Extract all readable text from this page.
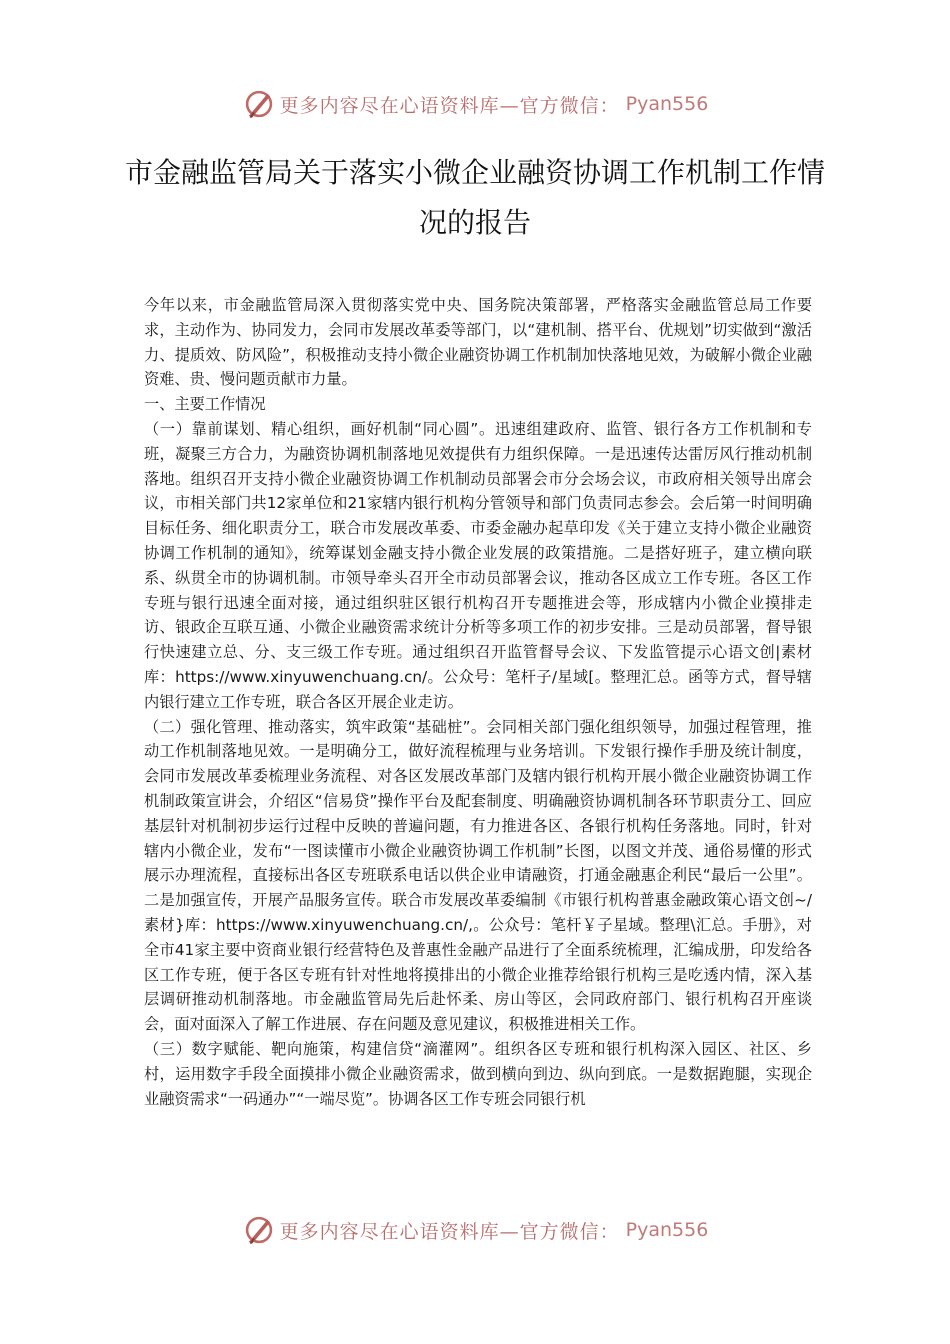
更多内容尽在心语资料库—官方微信： Pyan556
市金融监管局关于落实小微企业融资协调工作机制工作情况的报告

今年以来，市金融监管局深入贯彻落实党中央、国务院决策部署，严格落实金融监管总局工作要求，主动作为、协同发力，会同市发展改革委等部门，以“建机制、搭平台、优规划”切实做到“激活力、提质效、防风险”，积极推动支持小微企业融资协调工作机制加快落地见效，为破解小微企业融资难、贵、慢问题贡献市力量。

一、主要工作情况

（一）靠前谋划、精心组织，画好机制“同心圆”。迅速组建政府、监管、银行各方工作机制和专班，凝聚三方合力，为融资协调机制落地见效提供有力组织保障。一是迅速传达雷厉风行推动机制落地。组织召开支持小微企业融资协调工作机制动员部署会市分会场会议，市政府相关领导出席会议，市相关部门共12家单位和21家辖内银行机构分管领导和部门负责同志参会。会后第一时间明确目标任务、细化职责分工，联合市发展改革委、市委金融办起草印发《关于建立支持小微企业融资协调工作机制的通知》，统筹谋划金融支持小微企业发展的政策措施。二是搭好班子，建立横向联系、纵贯全市的协调机制。市领导牵头召开全市动员部署会议，推动各区成立工作专班。各区工作专班与银行迅速全面对接，通过组织驻区银行机构召开专题推进会等，形成辖内小微企业摸排走访、银政企互联互通、小微企业融资需求统计分析等多项工作的初步安排。三是动员部署，督导银行快速建立总、分、支三级工作专班。通过组织召开监管督导会议、下发监管提示心语文创|素材库：https://www.xinyuwenchuang.cn/。公众号：笔杆子/星域[。整理汇总。函等方式，督导辖内银行建立工作专班，联合各区开展企业走访。

（二）强化管理、推动落实，筑牢政策“基础桩”。会同相关部门强化组织领导，加强过程管理，推动工作机制落地见效。一是明确分工，做好流程梳理与业务培训。下发银行操作手册及统计制度，会同市发展改革委梳理业务流程、对各区发展改革部门及辖内银行机构开展小微企业融资协调工作机制政策宣讲会，介绍区“信易贷”操作平台及配套制度、明确融资协调机制各环节职责分工、回应基层针对机制初步运行过程中反映的普遍问题，有力推进各区、各银行机构任务落地。同时，针对辖内小微企业，发布“一图读懂市小微企业融资协调工作机制”长图，以图文并茂、通俗易懂的形式展示办理流程，直接标出各区专班联系电话以供企业申请融资，打通金融惠企利民“最后一公里”。二是加强宣传，开展产品服务宣传。联合市发展改革委编制《市银行机构普惠金融政策心语文创~/素材}库：https://www.xinyuwenchuang.cn/,。公众号：笔杆￥子星域。整理\汇总。手册》，对全市41家主要中资商业银行经营特色及普惠性金融产品进行了全面系统梳理，汇编成册，印发给各区工作专班，便于各区专班有针对性地将摸排出的小微企业推荐给银行机构三是吃透内情，深入基层调研推动机制落地。市金融监管局先后赴怀柔、房山等区，会同政府部门、银行机构召开座谈会，面对面深入了解工作进展、存在问题及意见建议，积极推进相关工作。

（三）数字赋能、靶向施策，构建信贷“滴灌网”。组织各区专班和银行机构深入园区、社区、乡村，运用数字手段全面摸排小微企业融资需求，做到横向到边、纵向到底。一是数据跑腿，实现企业融资需求“一码通办”“一端尽览”。协调各区工作专班会同银行机

更多内容尽在心语资料库—官方微信： Pyan556
